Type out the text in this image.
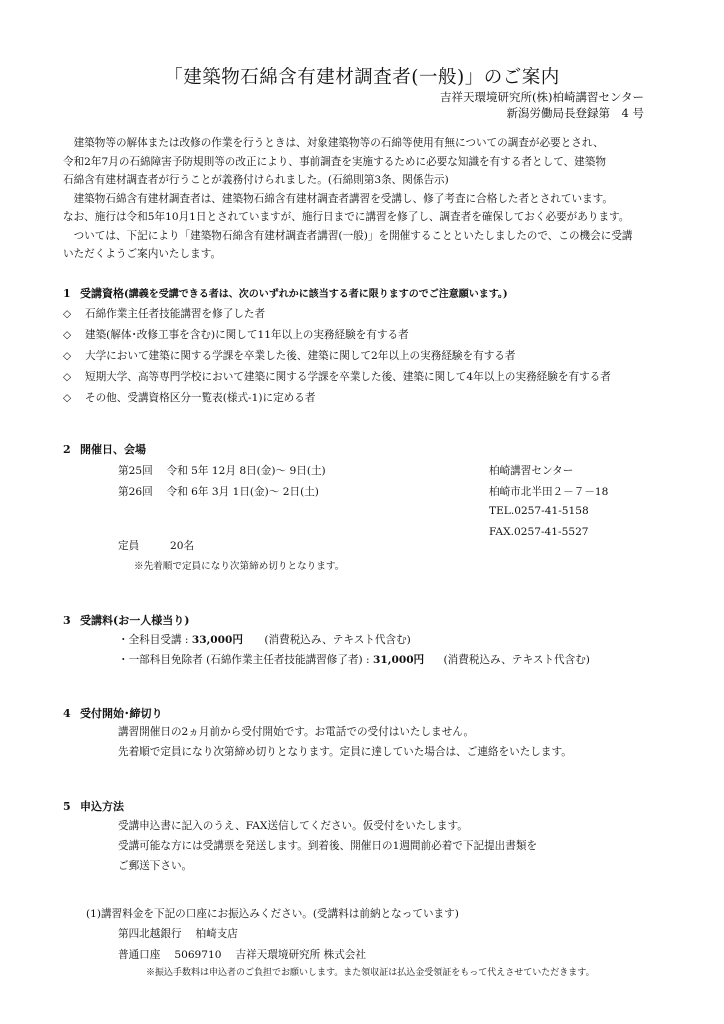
「建築物石綿含有建材調査者(一般)」のご案内
吉祥天環境研究所(株)柏崎講習センター
新潟労働局長登録第　4 号
　建築物等の解体または改修の作業を行うときは、対象建築物等の石綿等使用有無についての調査が必要とされ、
令和2年7月の石綿障害予防規則等の改正により、事前調査を実施するために必要な知識を有する者として、建築物
石綿含有建材調査者が行うことが義務付けられました。(石綿則第3条、関係告示)
　建築物石綿含有建材調査者は、建築物石綿含有建材調査者講習を受講し、修了考査に合格した者とされています。
なお、施行は令和5年10月1日とされていますが、施行日までに講習を修了し、調査者を確保しておく必要があります。
　ついては、下記により「建築物石綿含有建材調査者講習(一般)」を開催することといたしましたので、この機会に受講
いただくようご案内いたします。
1 受講資格(講義を受講できる者は、次のいずれかに該当する者に限りますのでご注意願います。)
◇ 石綿作業主任者技能講習を修了した者
◇ 建築(解体･改修工事を含む)に関して11年以上の実務経験を有する者
◇ 大学において建築に関する学課を卒業した後、建築に関して2年以上の実務経験を有する者
◇ 短期大学、高等専門学校において建築に関する学課を卒業した後、建築に関して4年以上の実務経験を有する者
◇ その他、受講資格区分一覧表(様式-1)に定める者
2 開催日、会場
第25回　 令和 5年 12月 8日(金)～ 9日(土)
第26回　 令和 6年 3月 1日(金)～ 2日(土)
柏崎講習センター
柏崎市北半田２－７－18
TEL.0257-41-5158
FAX.0257-41-5527
定員	20名
※先着順で定員になり次第締め切りとなります。
3 受講料(お一人様当り)
・全科目受講 : 33,000円 (消費税込み、テキスト代含む)
・一部科目免除者 (石綿作業主任者技能講習修了者) : 31,000円 (消費税込み、テキスト代含む)
4 受付開始･締切り
講習開催日の2ヵ月前から受付開始です。お電話での受付はいたしません。
先着順で定員になり次第締め切りとなります。定員に達していた場合は、ご連絡をいたします。
5 申込方法
受講申込書に記入のうえ、FAX送信してください。仮受付をいたします。
受講可能な方には受講票を発送します。到着後、開催日の1週間前必着で下記提出書類を
ご郵送下さい。
(1)講習料金を下記の口座にお振込みください。(受講料は前納となっています)
第四北越銀行　 柏崎支店
普通口座　 5069710　 吉祥天環境研究所 株式会社
※振込手数料は申込者のご負担でお願いします。また領収証は払込金受領証をもって代えさせていただきます。
